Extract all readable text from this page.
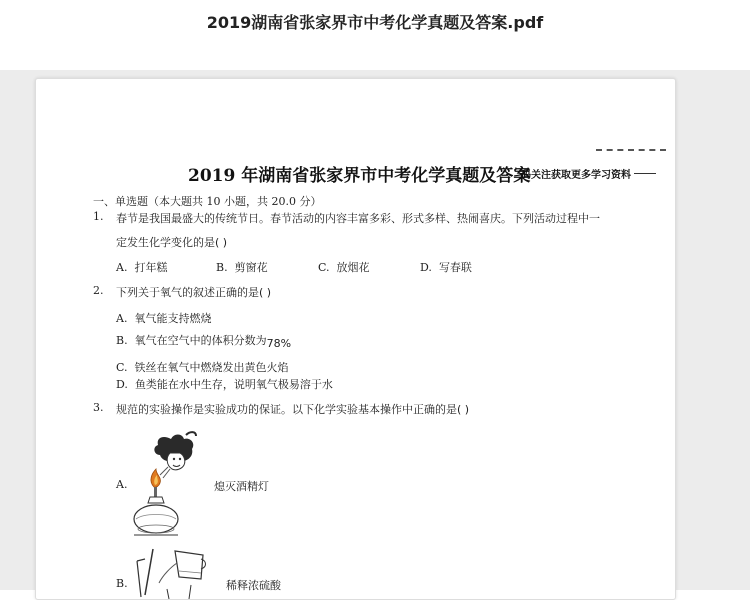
2019湖南省张家界市中考化学真题及答案.pdf
2019 年湖南省张家界市中考化学真题及答案
码关注获取更多学习资料
一、单选题（本大题共 10 小题，共 20.0 分）
1. 春节是我国最盛大的传统节日。春节活动的内容丰富多彩、形式多样、热闹喜庆。下列活动过程中一
定发生化学变化的是( )
A. 打年糕	B. 剪窗花	C. 放烟花	D. 写春联
2. 下列关于氧气的叙述正确的是( )
A. 氧气能支持燃烧
B. 氧气在空气中的体积分数为78%
C. 铁丝在氧气中燃烧发出黄色火焰
D. 鱼类能在水中生存，说明氧气极易溶于水
3. 规范的实验操作是实验成功的保证。以下化学实验基本操作中正确的是( )
A.	熄灭酒精灯
B.	稀释浓硫酸
